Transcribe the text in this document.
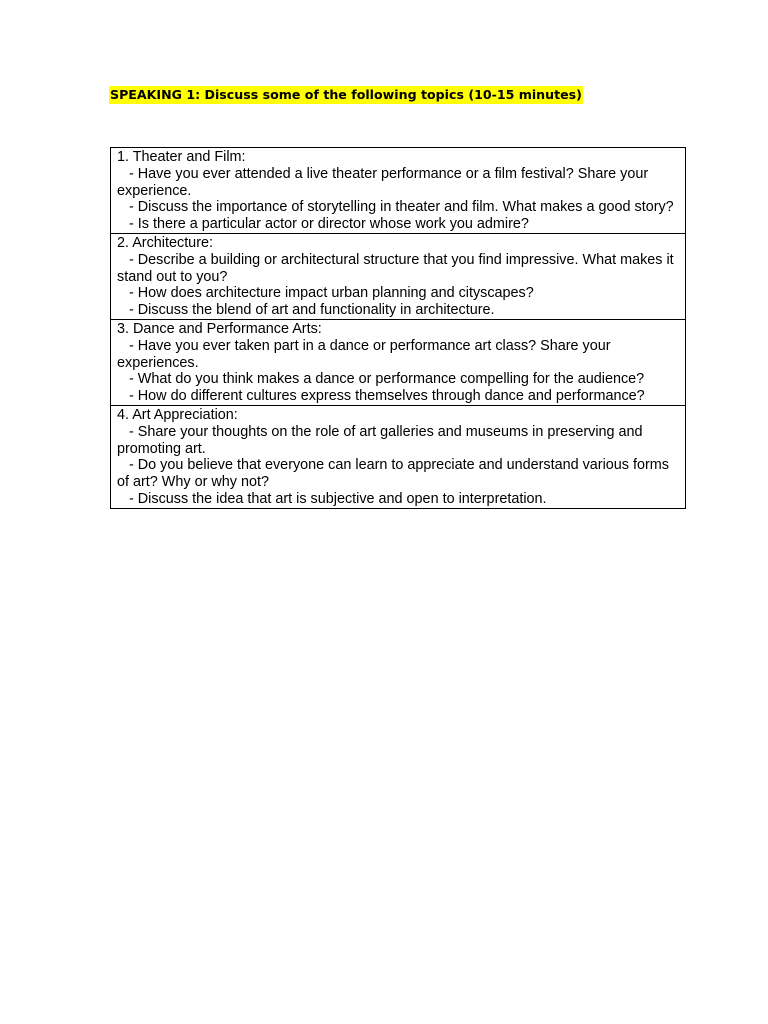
SPEAKING 1: Discuss some of the following topics (10-15 minutes)
1. Theater and Film:
- Have you ever attended a live theater performance or a film festival? Share your experience.
- Discuss the importance of storytelling in theater and film. What makes a good story?
- Is there a particular actor or director whose work you admire?

2. Architecture:
- Describe a building or architectural structure that you find impressive. What makes it stand out to you?
- How does architecture impact urban planning and cityscapes?
- Discuss the blend of art and functionality in architecture.

3. Dance and Performance Arts:
- Have you ever taken part in a dance or performance art class? Share your experiences.
- What do you think makes a dance or performance compelling for the audience?
- How do different cultures express themselves through dance and performance?

4. Art Appreciation:
- Share your thoughts on the role of art galleries and museums in preserving and promoting art.
- Do you believe that everyone can learn to appreciate and understand various forms of art? Why or why not?
- Discuss the idea that art is subjective and open to interpretation.
